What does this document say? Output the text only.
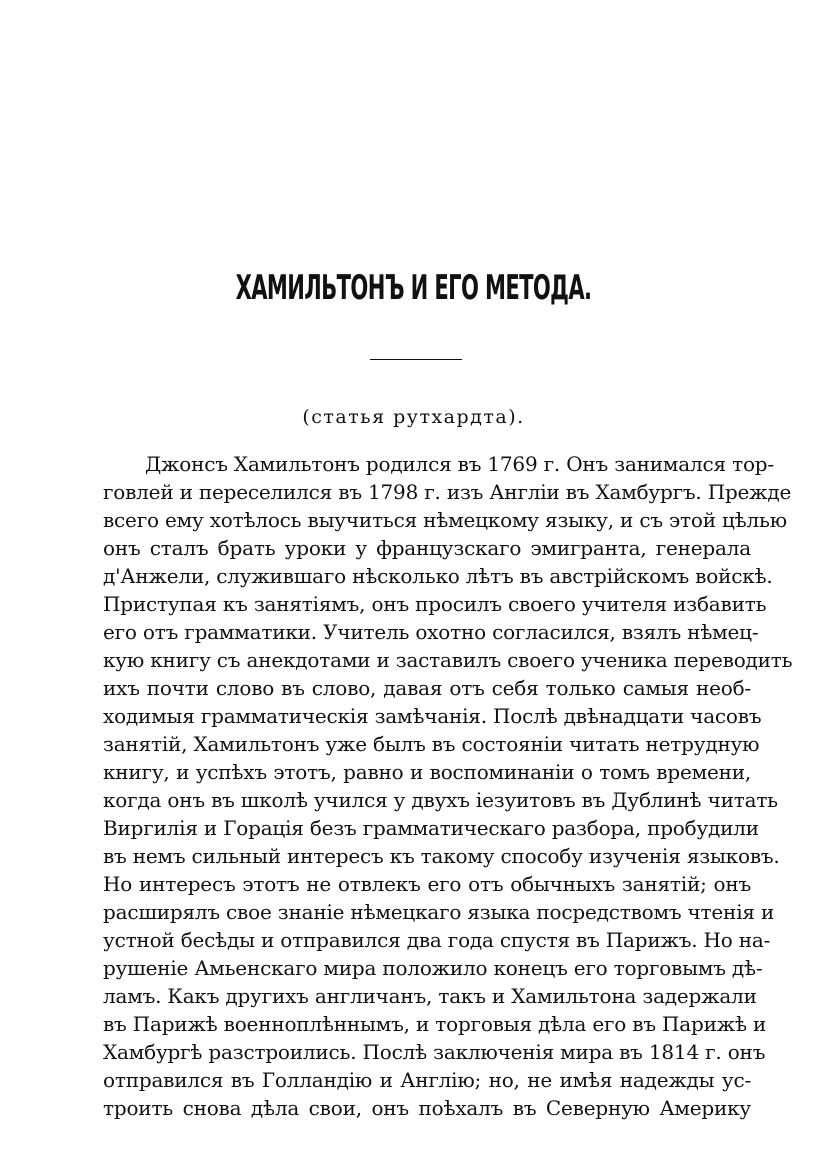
ХАМИЛЬТОНЪ И ЕГО МЕТОДА.
(статья рутхардта).
Джонсъ Хамильтонъ родился въ 1769 г. Онъ занимался тор-
говлей и переселился въ 1798 г. изъ Англіи въ Хамбургъ. Прежде
всего ему хотѣлось выучиться нѣмецкому языку, и съ этой цѣлью
онъ сталъ брать уроки у французскаго эмигранта, генерала
д'Анжели, служившаго нѣсколько лѣтъ въ австрійскомъ войскѣ.
Приступая къ занятіямъ, онъ просилъ своего учителя избавить
его отъ грамматики. Учитель охотно согласился, взялъ нѣмец-
кую книгу съ анекдотами и заставилъ своего ученика переводить
ихъ почти слово въ слово, давая отъ себя только самыя необ-
ходимыя грамматическія замѣчанія. Послѣ двѣнадцати часовъ
занятій, Хамильтонъ уже былъ въ состояніи читать нетрудную
книгу, и успѣхъ этотъ, равно и воспоминаніи о томъ времени,
когда онъ въ школѣ учился у двухъ іезуитовъ въ Дублинѣ читать
Виргилія и Горація безъ грамматическаго разбора, пробудили
въ немъ сильный интересъ къ такому способу изученія языковъ.
Но интересъ этотъ не отвлекъ его отъ обычныхъ занятій; онъ
расширялъ свое знаніе нѣмецкаго языка посредствомъ чтенія и
устной бесѣды и отправился два года спустя въ Парижъ. Но на-
рушеніе Амьенскаго мира положило конецъ его торговымъ дѣ-
ламъ. Какъ другихъ англичанъ, такъ и Хамильтона задержали
въ Парижѣ военноплѣннымъ, и торговыя дѣла его въ Парижѣ и
Хамбургѣ разстроились. Послѣ заключенія мира въ 1814 г. онъ
отправился въ Голландію и Англію; но, не имѣя надежды ус-
троить снова дѣла свои, онъ поѣхалъ въ Северную Америку
